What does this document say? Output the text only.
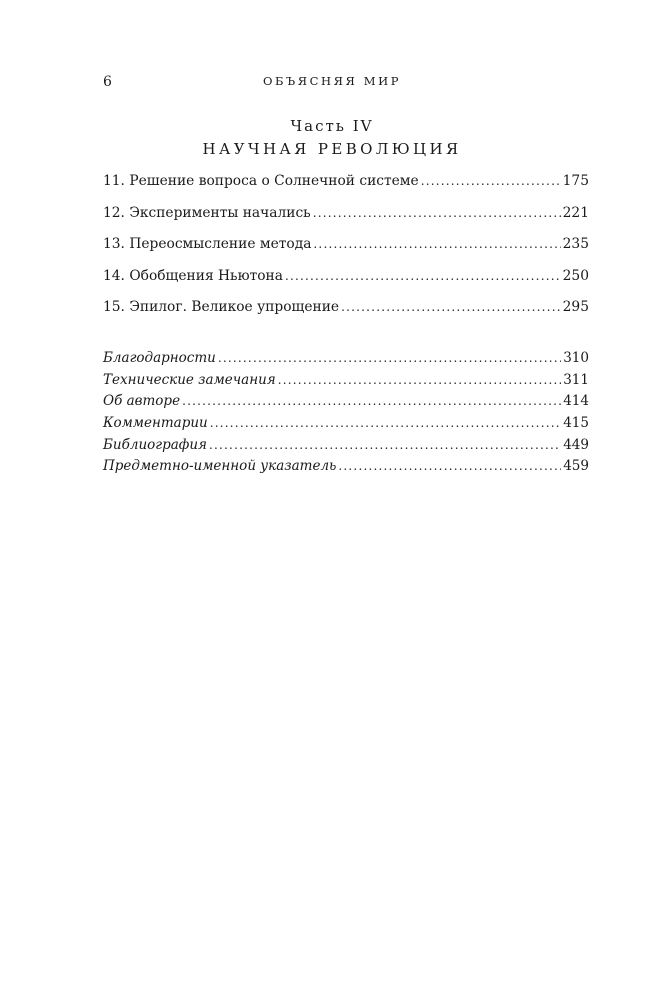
6	ОБЪЯСНЯЯ МИР
Часть IV
НАУЧНАЯ РЕВОЛЮЦИЯ
11. Решение вопроса о Солнечной системе .....	175
12. Эксперименты начались .....	221
13. Переосмысление метода .....	235
14. Обобщения Ньютона .....	250
15. Эпилог. Великое упрощение .....	295
Благодарности .....	310
Технические замечания .....	311
Об авторе .....	414
Комментарии .....	415
Библиография .....	449
Предметно-именной указатель .....	459
